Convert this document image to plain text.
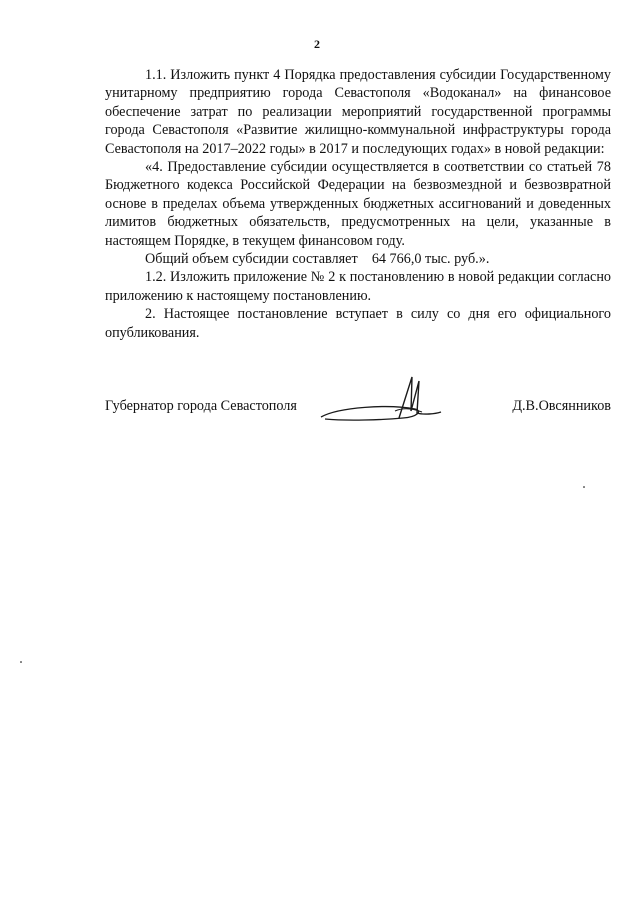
2

1.1. Изложить пункт 4 Порядка предоставления субсидии Государственному унитарному предприятию города Севастополя «Водоканал» на финансовое обеспечение затрат по реализации мероприятий государственной программы города Севастополя «Развитие жилищно-коммунальной инфраструктуры города Севастополя на 2017–2022 годы» в 2017 и последующих годах» в новой редакции:

«4. Предоставление субсидии осуществляется в соответствии со статьей 78 Бюджетного кодекса Российской Федерации на безвозмездной и безвозвратной основе в пределах объема утвержденных бюджетных ассигнований и доведенных лимитов бюджетных обязательств, предусмотренных на цели, указанные в настоящем Порядке, в текущем финансовом году.

Общий объем субсидии составляет    64 766,0 тыс. руб.».

1.2. Изложить приложение № 2 к постановлению в новой редакции согласно приложению к настоящему постановлению.

2. Настоящее постановление вступает в силу со дня его официального опубликования.

Губернатор города Севастополя	Д.В.Овсянников
